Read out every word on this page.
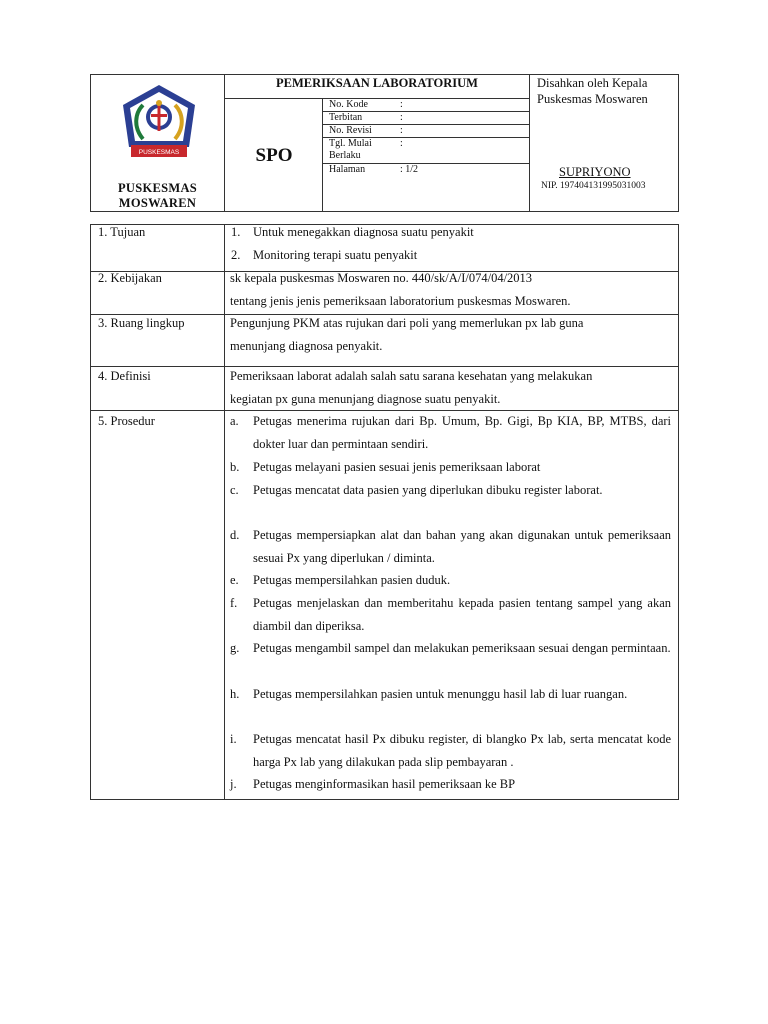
PUSKESMAS
PUSKESMAS
MOSWAREN
PEMERIKSAAN LABORATORIUM
SPO
No. Kode	:
Terbitan	:
No. Revisi	:
Tgl. Mulai	:
Berlaku
Halaman	: 1/2
Disahkan oleh Kepala
Puskesmas Moswaren
SUPRIYONO
NIP. 197404131995031003
1. Tujuan	1. Untuk menegakkan diagnosa suatu penyakit
2. Monitoring terapi suatu penyakit
2. Kebijakan	sk kepala puskesmas Moswaren no. 440/sk/A/I/074/04/2013
tentang jenis jenis pemeriksaan laboratorium puskesmas Moswaren.
3. Ruang lingkup	Pengunjung PKM atas rujukan dari poli yang memerlukan px lab guna
menunjang diagnosa penyakit.
4. Definisi	Pemeriksaan laborat adalah salah satu sarana kesehatan yang melakukan
kegiatan px guna menunjang diagnose suatu penyakit.
5. Prosedur	a. Petugas menerima rujukan dari Bp. Umum, Bp. Gigi, Bp KIA, BP, MTBS, dari dokter luar dan permintaan sendiri.
b. Petugas melayani pasien sesuai jenis pemeriksaan laborat
c. Petugas mencatat data pasien yang diperlukan dibuku register laborat.
d. Petugas mempersiapkan alat dan bahan yang akan digunakan untuk pemeriksaan sesuai Px yang diperlukan / diminta.
e. Petugas mempersilahkan pasien duduk.
f. Petugas menjelaskan dan memberitahu kepada pasien tentang sampel yang akan diambil dan diperiksa.
g. Petugas mengambil sampel dan melakukan pemeriksaan sesuai dengan permintaan.
h. Petugas mempersilahkan pasien untuk menunggu hasil lab di luar ruangan.
i. Petugas mencatat hasil Px dibuku register, di blangko Px lab, serta mencatat kode harga Px lab yang dilakukan pada slip pembayaran .
j. Petugas menginformasikan hasil pemeriksaan ke BP
